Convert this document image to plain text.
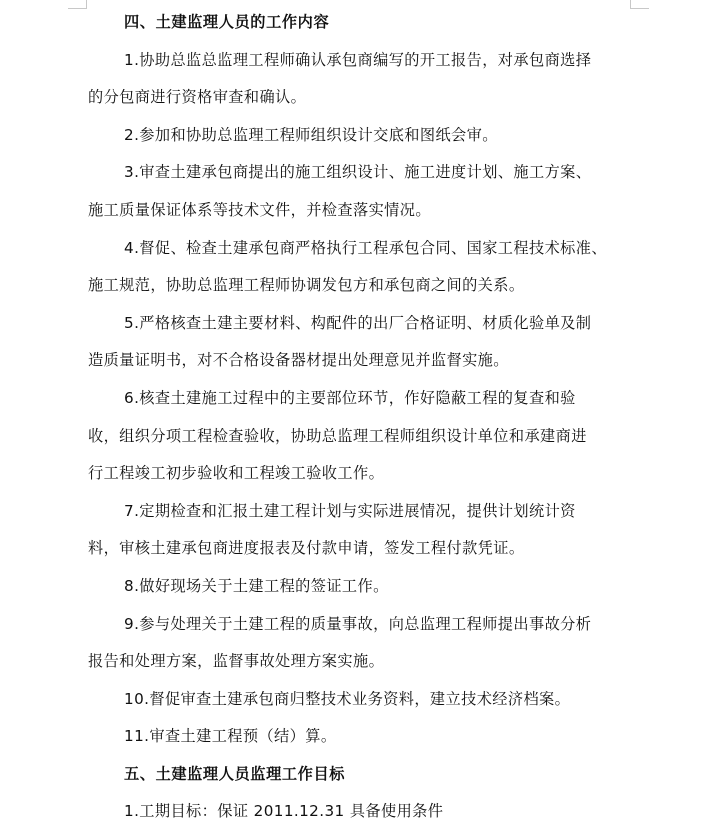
四、土建监理人员的工作内容
1.协助总监总监理工程师确认承包商编写的开工报告，对承包商选择
的分包商进行资格审查和确认。
2.参加和协助总监理工程师组织设计交底和图纸会审。
3.审查土建承包商提出的施工组织设计、施工进度计划、施工方案、
施工质量保证体系等技术文件，并检查落实情况。
4.督促、检查土建承包商严格执行工程承包合同、国家工程技术标准、
施工规范，协助总监理工程师协调发包方和承包商之间的关系。
5.严格核查土建主要材料、构配件的出厂合格证明、材质化验单及制
造质量证明书，对不合格设备器材提出处理意见并监督实施。
6.核查土建施工过程中的主要部位环节，作好隐蔽工程的复查和验
收，组织分项工程检查验收，协助总监理工程师组织设计单位和承建商进
行工程竣工初步验收和工程竣工验收工作。
7.定期检查和汇报土建工程计划与实际进展情况，提供计划统计资
料，审核土建承包商进度报表及付款申请，签发工程付款凭证。
8.做好现场关于土建工程的签证工作。
9.参与处理关于土建工程的质量事故，向总监理工程师提出事故分析
报告和处理方案，监督事故处理方案实施。
10.督促审查土建承包商归整技术业务资料，建立技术经济档案。
11.审查土建工程预（结）算。
五、土建监理人员监理工作目标
1.工期目标：保证 2011.12.31 具备使用条件
